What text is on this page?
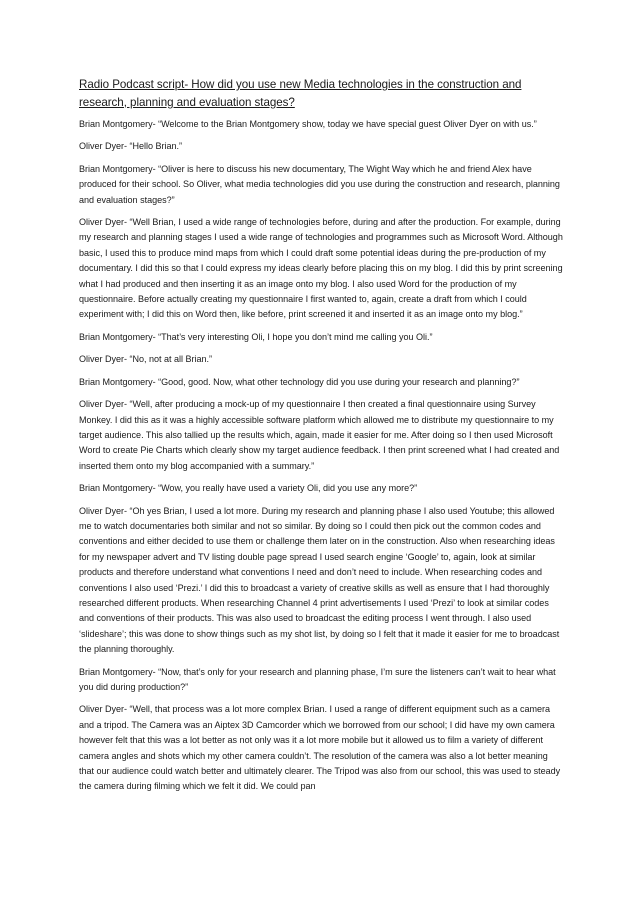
Radio Podcast script- How did you use new Media technologies in the construction and research, planning and evaluation stages?

Brian Montgomery- “Welcome to the Brian Montgomery show, today we have special guest Oliver Dyer on with us.”

Oliver Dyer- “Hello Brian.”

Brian Montgomery- “Oliver is here to discuss his new documentary, The Wight Way which he and friend Alex have produced for their school. So Oliver, what media technologies did you use during the construction and research, planning and evaluation stages?”

Oliver Dyer- “Well Brian, I used a wide range of technologies before, during and after the production. For example, during my research and planning stages I used a wide range of technologies and programmes such as Microsoft Word. Although basic, I used this to produce mind maps from which I could draft some potential ideas during the pre-production of my documentary. I did this so that I could express my ideas clearly before placing this on my blog. I did this by print screening what I had produced and then inserting it as an image onto my blog. I also used Word for the production of my questionnaire. Before actually creating my questionnaire I first wanted to, again, create a draft from which I could experiment with; I did this on Word then, like before, print screened it and inserted it as an image onto my blog.”

Brian Montgomery- “That’s very interesting Oli, I hope you don’t mind me calling you Oli.”

Oliver Dyer- “No, not at all Brian.”

Brian Montgomery- “Good, good. Now, what other technology did you use during your research and planning?”

Oliver Dyer- “Well, after producing a mock-up of my questionnaire I then created a final questionnaire using Survey Monkey. I did this as it was a highly accessible software platform which allowed me to distribute my questionnaire to my target audience. This also tallied up the results which, again, made it easier for me. After doing so I then used Microsoft Word to create Pie Charts which clearly show my target audience feedback. I then print screened what I had created and inserted them onto my blog accompanied with a summary.”

Brian Montgomery- “Wow, you really have used a variety Oli, did you use any more?”

Oliver Dyer- “Oh yes Brian, I used a lot more. During my research and planning phase I also used Youtube; this allowed me to watch documentaries both similar and not so similar. By doing so I could then pick out the common codes and conventions and either decided to use them or challenge them later on in the construction. Also when researching ideas for my newspaper advert and TV listing double page spread I used search engine ‘Google’ to, again, look at similar products and therefore understand what conventions I need and don’t need to include. When researching codes and conventions I also used ‘Prezi.’ I did this to broadcast a variety of creative skills as well as ensure that I had thoroughly researched different products. When researching Channel 4 print advertisements I used ‘Prezi’ to look at similar codes and conventions of their products. This was also used to broadcast the editing process I went through. I also used ‘slideshare’; this was done to show things such as my shot list, by doing so I felt that it made it easier for me to broadcast the planning thoroughly.

Brian Montgomery- “Now, that’s only for your research and planning phase, I’m sure the listeners can’t wait to hear what you did during production?”

Oliver Dyer- “Well, that process was a lot more complex Brian. I used a range of different equipment such as a camera and a tripod. The Camera was an Aiptex 3D Camcorder which we borrowed from our school; I did have my own camera however felt that this was a lot better as not only was it a lot more mobile but it allowed us to film a variety of different camera angles and shots which my other camera couldn’t. The resolution of the camera was also a lot better meaning that our audience could watch better and ultimately clearer. The Tripod was also from our school, this was used to steady the camera during filming which we felt it did. We could pan
